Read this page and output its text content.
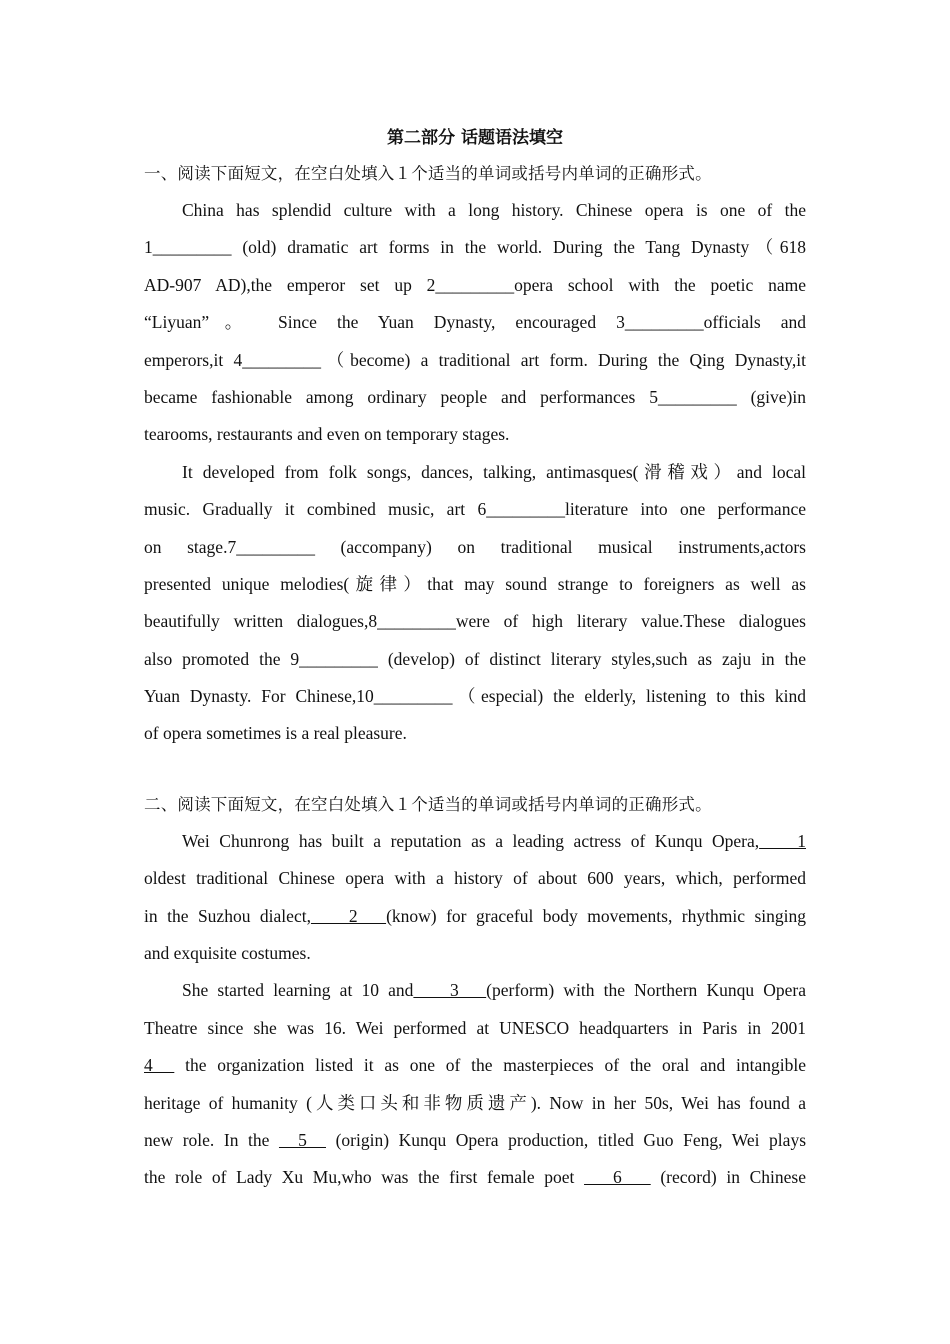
第二部分 话题语法填空
一、阅读下面短文，在空白处填入１个适当的单词或括号内单词的正确形式。
China has splendid culture with a long history. Chinese opera is one of the
1_________ (old) dramatic art forms in the world. During the Tang Dynasty（618
AD-907 AD),the emperor set up 2_________opera school with the poetic name
“Liyuan”。 Since the Yuan Dynasty, encouraged 3_________officials and
emperors,it 4_________（become) a traditional art form. During the Qing Dynasty,it
became fashionable among ordinary people and performances 5_________ (give)in
tearooms, restaurants and even on temporary stages.
It developed from folk songs, dances, talking, antimasques(滑稽戏）and local
music. Gradually it combined music, art 6_________literature into one performance
on stage.7_________ (accompany) on traditional musical instruments,actors
presented unique melodies(旋律）that may sound strange to foreigners as well as
beautifully written dialogues,8_________were of high literary value.These dialogues
also promoted the 9_________ (develop) of distinct literary styles,such as zaju in the
Yuan Dynasty. For Chinese,10_________（especial) the elderly, listening to this kind
of opera sometimes is a real pleasure.
二、阅读下面短文，在空白处填入１个适当的单词或括号内单词的正确形式。
Wei Chunrong has built a reputation as a leading actress of Kunqu Opera,    1
oldest traditional Chinese opera with a history of about 600 years, which, performed
in the Suzhou dialect,    2   (know) for graceful body movements, rhythmic singing
and exquisite costumes.
She started learning at 10 and    3   (perform) with the Northern Kunqu Opera
Theatre since she was 16. Wei performed at UNESCO headquarters in Paris in 2001
4   the organization listed it as one of the masterpieces of the oral and intangible
heritage of humanity (人类口头和非物质遗产). Now in her 50s, Wei has found a
new role. In the   5   (origin) Kunqu Opera production, titled Guo Feng, Wei plays
the role of Lady Xu Mu,who was the first female poet    6    (record) in Chinese
